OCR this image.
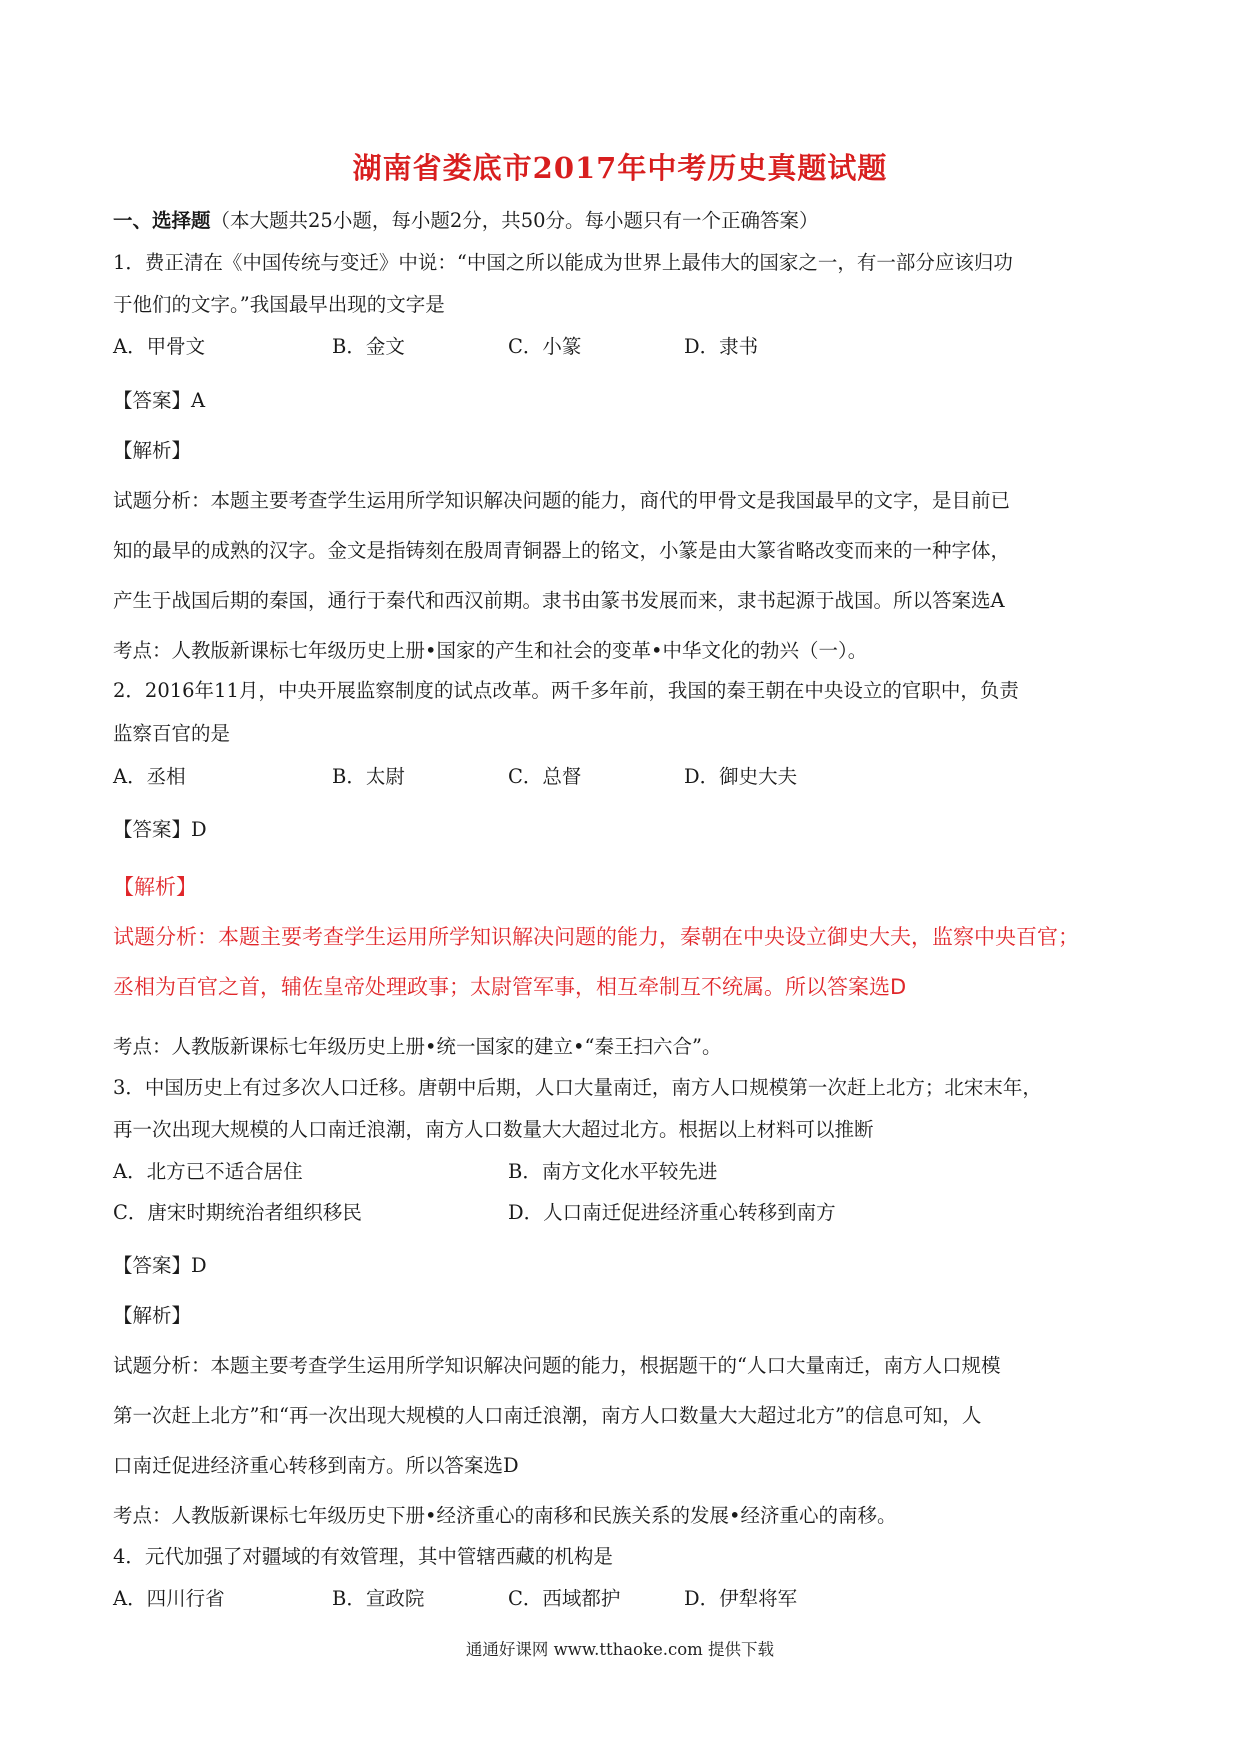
湖南省娄底市2017年中考历史真题试题
一、选择题（本大题共25小题，每小题2分，共50分。每小题只有一个正确答案）
1．费正清在《中国传统与变迁》中说：“中国之所以能成为世界上最伟大的国家之一，有一部分应该归功
于他们的文字。”我国最早出现的文字是
A．甲骨文	B．金文	C．小篆	D．隶书
【答案】A
【解析】
试题分析：本题主要考查学生运用所学知识解决问题的能力，商代的甲骨文是我国最早的文字，是目前已
知的最早的成熟的汉字。金文是指铸刻在殷周青铜器上的铭文，小篆是由大篆省略改变而来的一种字体，
产生于战国后期的秦国，通行于秦代和西汉前期。隶书由篆书发展而来，隶书起源于战国。所以答案选A
考点：人教版新课标七年级历史上册•国家的产生和社会的变革•中华文化的勃兴（一）。
2．2016年11月，中央开展监察制度的试点改革。两千多年前，我国的秦王朝在中央设立的官职中，负责
监察百官的是
A．丞相	B．太尉	C．总督	D．御史大夫
【答案】D
【解析】
试题分析：本题主要考查学生运用所学知识解决问题的能力，秦朝在中央设立御史大夫，监察中央百官；
丞相为百官之首，辅佐皇帝处理政事；太尉管军事，相互牵制互不统属。所以答案选D
考点：人教版新课标七年级历史上册•统一国家的建立•“秦王扫六合”。
3．中国历史上有过多次人口迁移。唐朝中后期，人口大量南迁，南方人口规模第一次赶上北方；北宋末年，
再一次出现大规模的人口南迁浪潮，南方人口数量大大超过北方。根据以上材料可以推断
A．北方已不适合居住	B．南方文化水平较先进
C．唐宋时期统治者组织移民	D．人口南迁促进经济重心转移到南方
【答案】D
【解析】
试题分析：本题主要考查学生运用所学知识解决问题的能力，根据题干的“人口大量南迁，南方人口规模
第一次赶上北方”和“再一次出现大规模的人口南迁浪潮，南方人口数量大大超过北方”的信息可知，人
口南迁促进经济重心转移到南方。所以答案选D
考点：人教版新课标七年级历史下册•经济重心的南移和民族关系的发展•经济重心的南移。
4．元代加强了对疆域的有效管理，其中管辖西藏的机构是
A．四川行省	B．宣政院	C．西域都护	D．伊犁将军
通通好课网 www.tthaoke.com 提供下载
